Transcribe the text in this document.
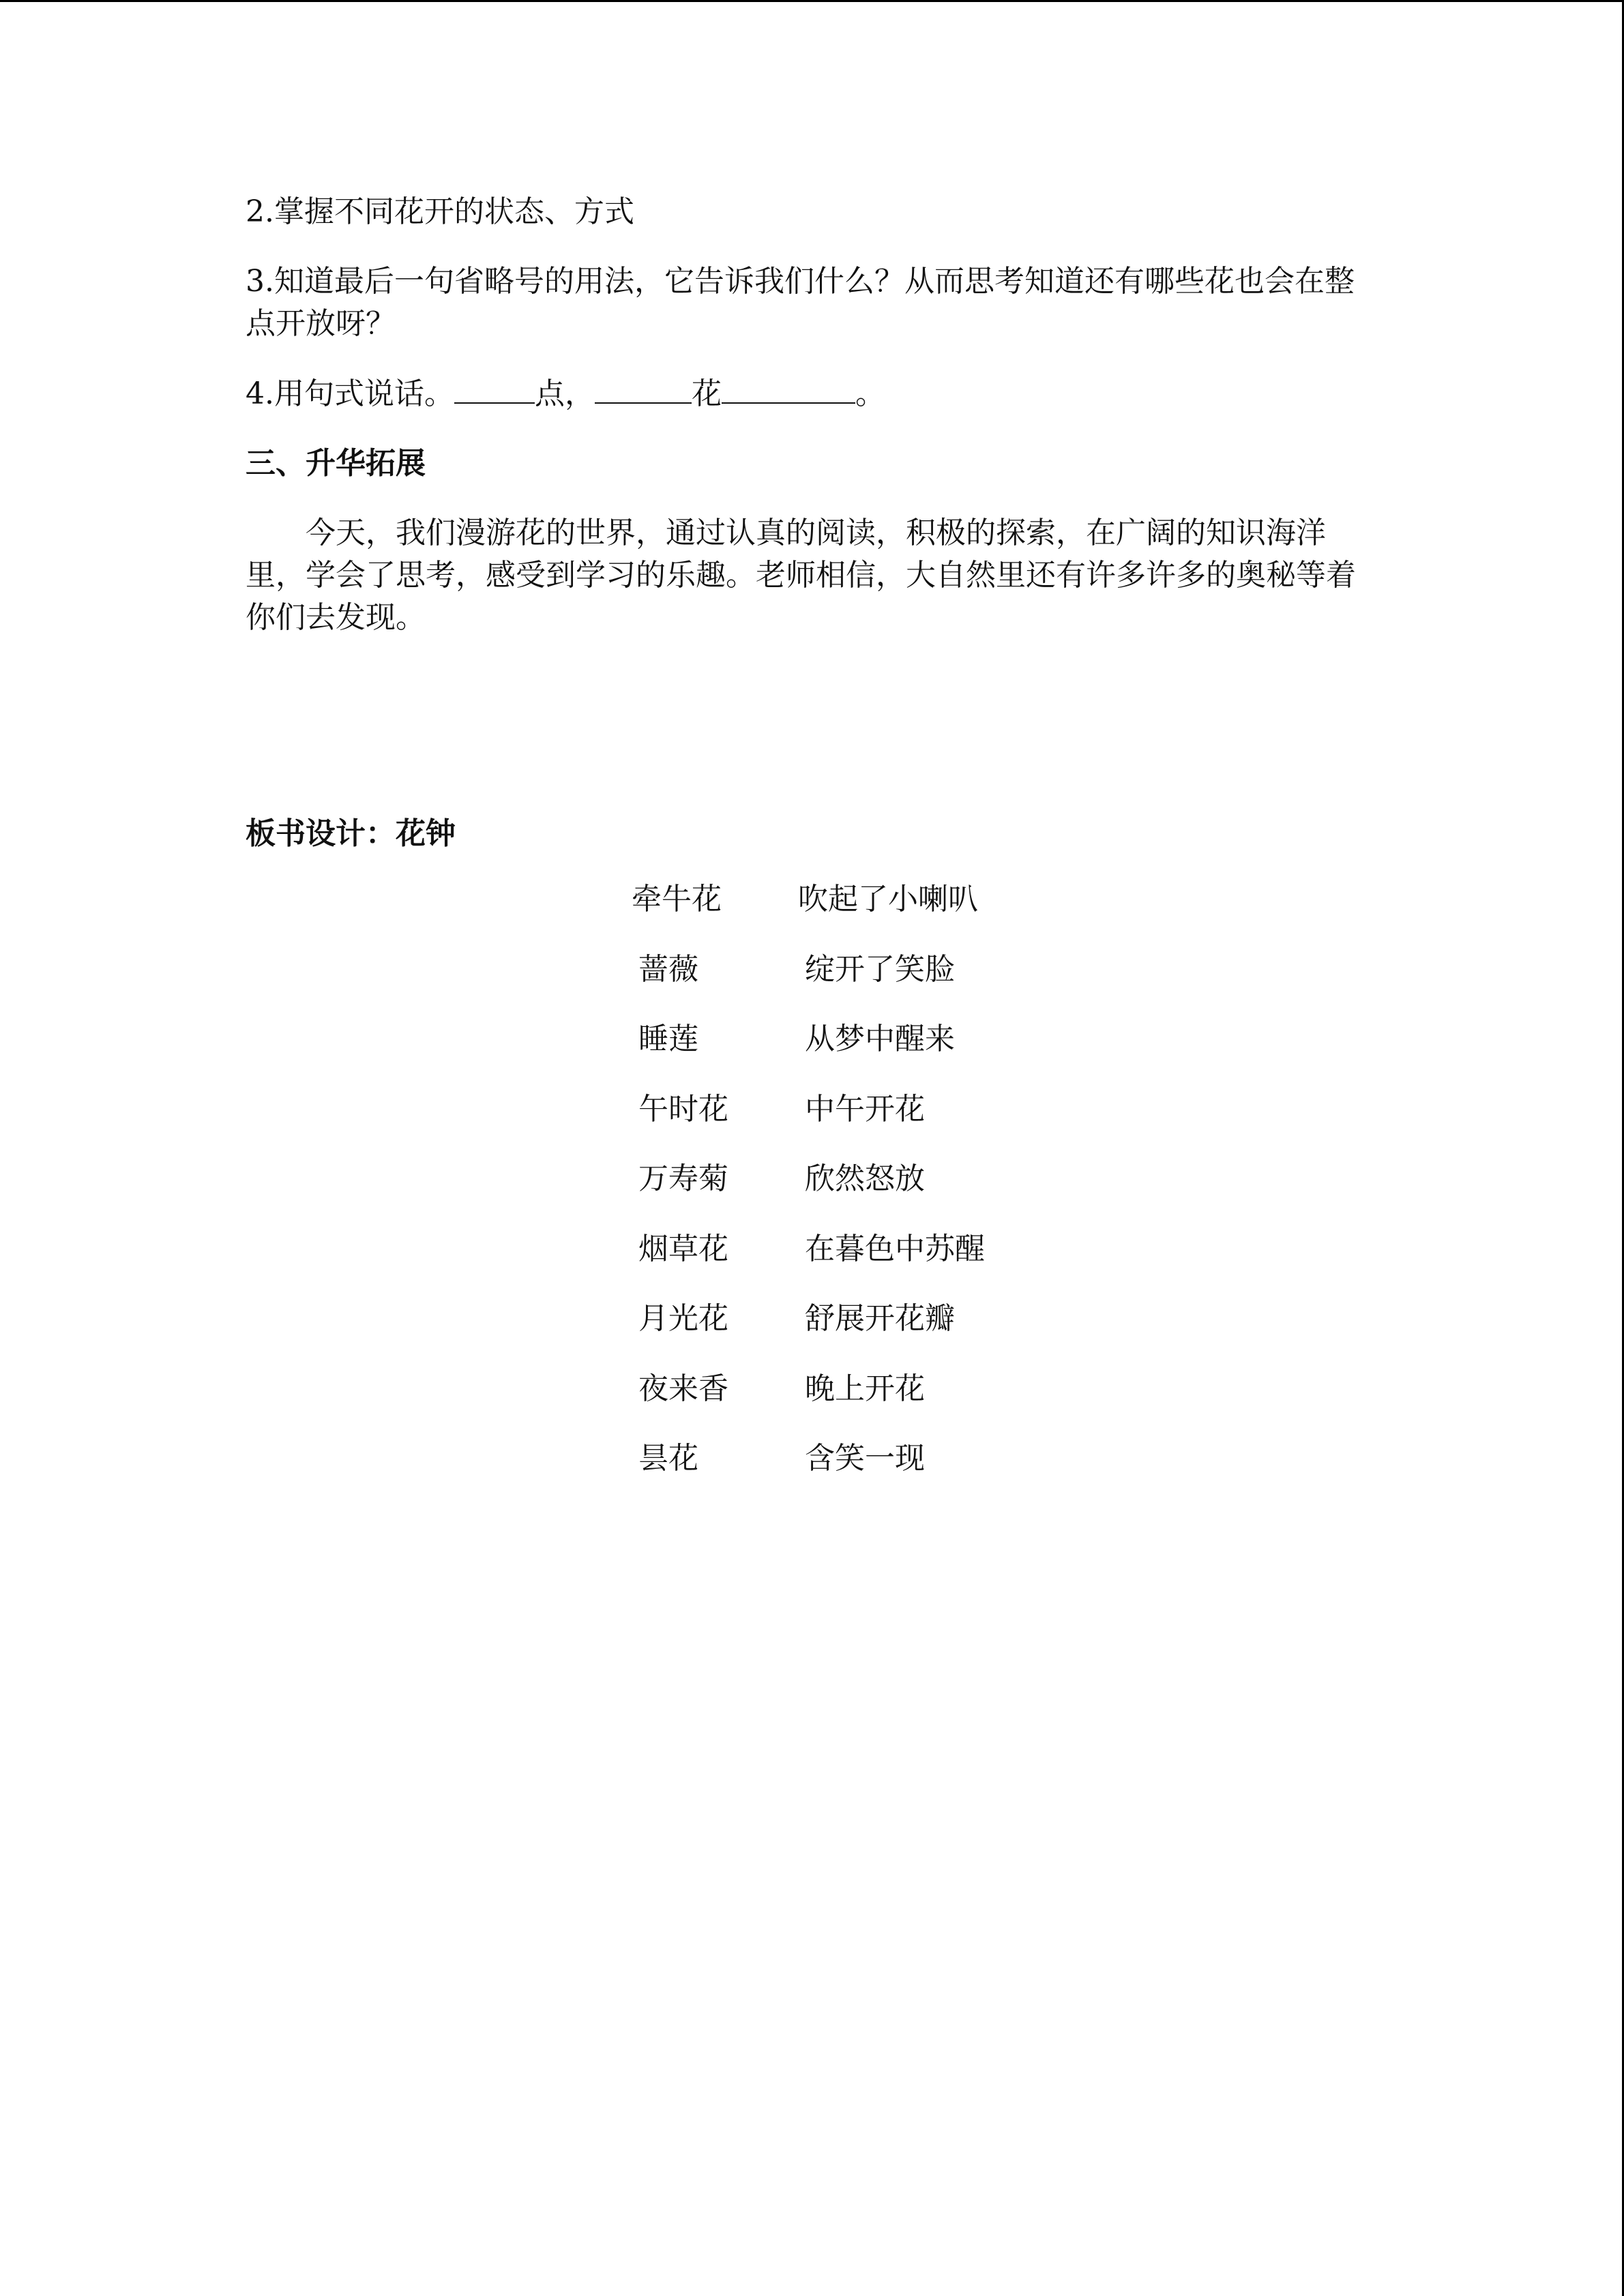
2.掌握不同花开的状态、方式

3.知道最后一句省略号的用法，它告诉我们什么？从而思考知道还有哪些花也会在整点开放呀？

4.用句式说话。	点，	花	。

三、升华拓展

今天，我们漫游花的世界，通过认真的阅读，积极的探索，在广阔的知识海洋里，学会了思考，感受到学习的乐趣。老师相信，大自然里还有许多许多的奥秘等着你们去发现。

板书设计：花钟

牵牛花	吹起了小喇叭
蔷薇	绽开了笑脸
睡莲	从梦中醒来
午时花	中午开花
万寿菊	欣然怒放
烟草花	在暮色中苏醒
月光花	舒展开花瓣
夜来香	晚上开花
昙花	含笑一现
